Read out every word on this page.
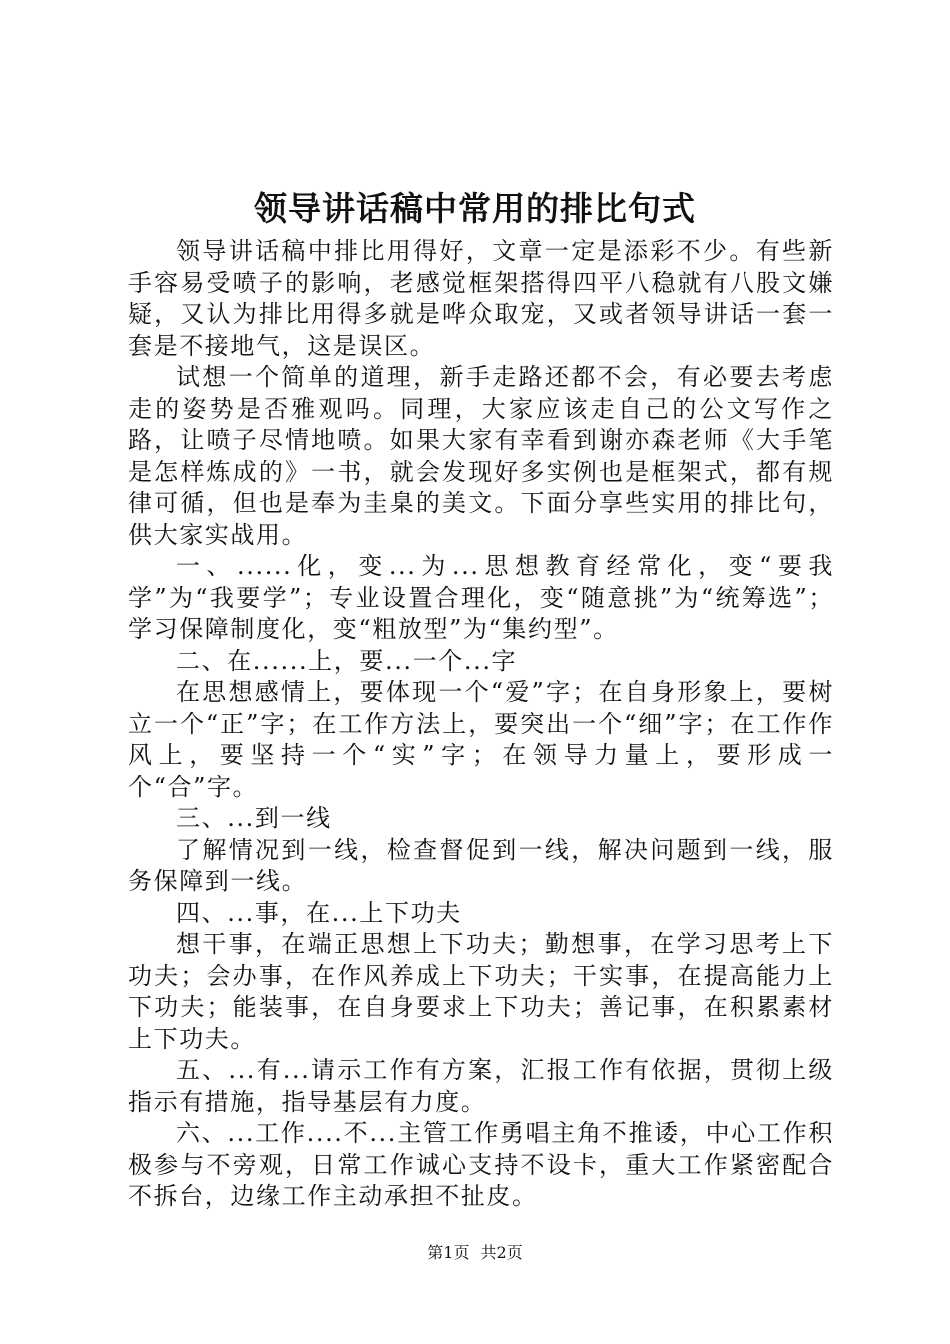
领导讲话稿中常用的排比句式

领导讲话稿中排比用得好，文章一定是添彩不少。有些新手容易受喷子的影响，老感觉框架搭得四平八稳就有八股文嫌疑，又认为排比用得多就是哗众取宠，又或者领导讲话一套一套是不接地气，这是误区。

试想一个简单的道理，新手走路还都不会，有必要去考虑走的姿势是否雅观吗。同理，大家应该走自己的公文写作之路，让喷子尽情地喷。如果大家有幸看到谢亦森老师《大手笔是怎样炼成的》一书，就会发现好多实例也是框架式，都有规律可循，但也是奉为圭臬的美文。下面分享些实用的排比句，供大家实战用。

一、......化，变...为...思想教育经常化，变“要我学”为“我要学”；专业设置合理化，变“随意挑”为“统筹选”；学习保障制度化，变“粗放型”为“集约型”。

二、在......上，要...一个...字

在思想感情上，要体现一个“爱”字；在自身形象上，要树立一个“正”字；在工作方法上，要突出一个“细”字；在工作作风上，要坚持一个“实”字；在领导力量上，要形成一个“合”字。

三、...到一线

了解情况到一线，检查督促到一线，解决问题到一线，服务保障到一线。

四、...事，在...上下功夫

想干事，在端正思想上下功夫；勤想事，在学习思考上下功夫；会办事，在作风养成上下功夫；干实事，在提高能力上下功夫；能装事，在自身要求上下功夫；善记事，在积累素材上下功夫。

五、...有...请示工作有方案，汇报工作有依据，贯彻上级指示有措施，指导基层有力度。

六、...工作....不...主管工作勇唱主角不推诿，中心工作积极参与不旁观，日常工作诚心支持不设卡，重大工作紧密配合不拆台，边缘工作主动承担不扯皮。

第1页 共2页
